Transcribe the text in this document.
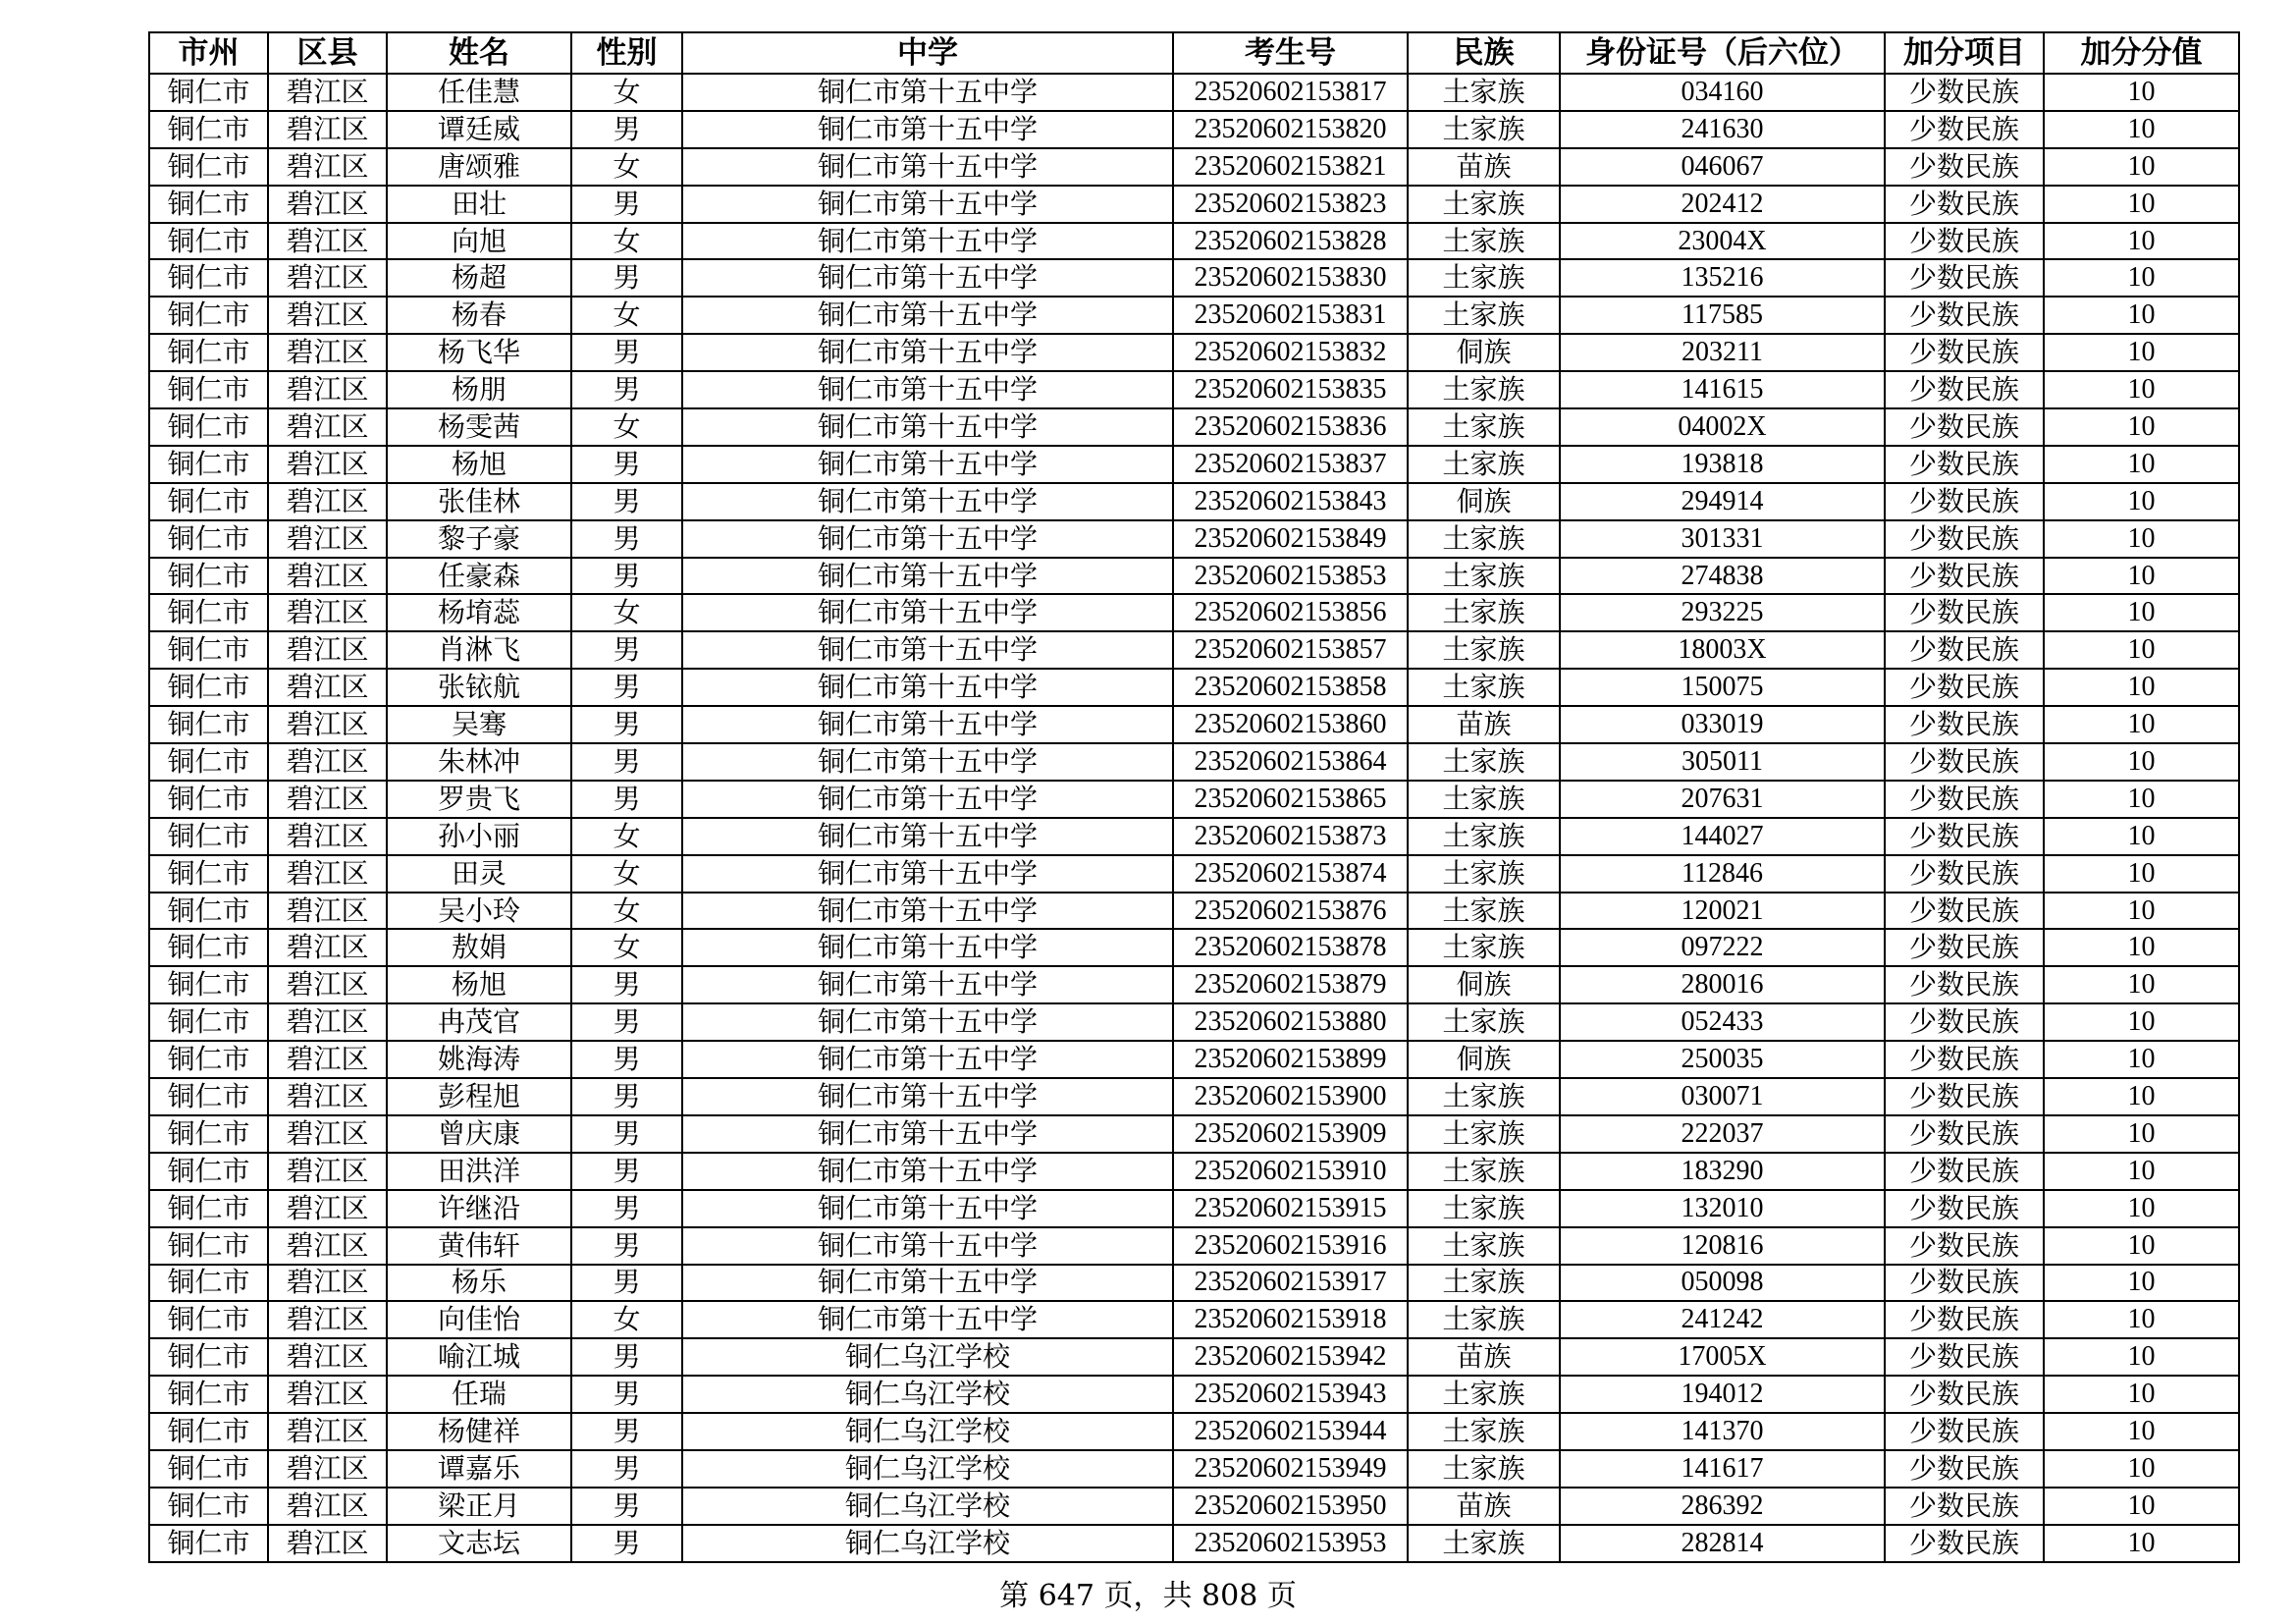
市州	区县	姓名	性别	中学	考生号	民族	身份证号（后六位）	加分项目	加分分值
铜仁市	碧江区	任佳慧	女	铜仁市第十五中学	23520602153817	土家族	034160	少数民族	10
铜仁市	碧江区	谭廷威	男	铜仁市第十五中学	23520602153820	土家族	241630	少数民族	10
铜仁市	碧江区	唐颂雅	女	铜仁市第十五中学	23520602153821	苗族	046067	少数民族	10
铜仁市	碧江区	田壮	男	铜仁市第十五中学	23520602153823	土家族	202412	少数民族	10
铜仁市	碧江区	向旭	女	铜仁市第十五中学	23520602153828	土家族	23004X	少数民族	10
铜仁市	碧江区	杨超	男	铜仁市第十五中学	23520602153830	土家族	135216	少数民族	10
铜仁市	碧江区	杨春	女	铜仁市第十五中学	23520602153831	土家族	117585	少数民族	10
铜仁市	碧江区	杨飞华	男	铜仁市第十五中学	23520602153832	侗族	203211	少数民族	10
铜仁市	碧江区	杨朋	男	铜仁市第十五中学	23520602153835	土家族	141615	少数民族	10
铜仁市	碧江区	杨雯茜	女	铜仁市第十五中学	23520602153836	土家族	04002X	少数民族	10
铜仁市	碧江区	杨旭	男	铜仁市第十五中学	23520602153837	土家族	193818	少数民族	10
铜仁市	碧江区	张佳林	男	铜仁市第十五中学	23520602153843	侗族	294914	少数民族	10
铜仁市	碧江区	黎子豪	男	铜仁市第十五中学	23520602153849	土家族	301331	少数民族	10
铜仁市	碧江区	任豪森	男	铜仁市第十五中学	23520602153853	土家族	274838	少数民族	10
铜仁市	碧江区	杨堉蕊	女	铜仁市第十五中学	23520602153856	土家族	293225	少数民族	10
铜仁市	碧江区	肖淋飞	男	铜仁市第十五中学	23520602153857	土家族	18003X	少数民族	10
铜仁市	碧江区	张铱航	男	铜仁市第十五中学	23520602153858	土家族	150075	少数民族	10
铜仁市	碧江区	吴骞	男	铜仁市第十五中学	23520602153860	苗族	033019	少数民族	10
铜仁市	碧江区	朱林冲	男	铜仁市第十五中学	23520602153864	土家族	305011	少数民族	10
铜仁市	碧江区	罗贵飞	男	铜仁市第十五中学	23520602153865	土家族	207631	少数民族	10
铜仁市	碧江区	孙小丽	女	铜仁市第十五中学	23520602153873	土家族	144027	少数民族	10
铜仁市	碧江区	田灵	女	铜仁市第十五中学	23520602153874	土家族	112846	少数民族	10
铜仁市	碧江区	吴小玲	女	铜仁市第十五中学	23520602153876	土家族	120021	少数民族	10
铜仁市	碧江区	敖娟	女	铜仁市第十五中学	23520602153878	土家族	097222	少数民族	10
铜仁市	碧江区	杨旭	男	铜仁市第十五中学	23520602153879	侗族	280016	少数民族	10
铜仁市	碧江区	冉茂官	男	铜仁市第十五中学	23520602153880	土家族	052433	少数民族	10
铜仁市	碧江区	姚海涛	男	铜仁市第十五中学	23520602153899	侗族	250035	少数民族	10
铜仁市	碧江区	彭程旭	男	铜仁市第十五中学	23520602153900	土家族	030071	少数民族	10
铜仁市	碧江区	曾庆康	男	铜仁市第十五中学	23520602153909	土家族	222037	少数民族	10
铜仁市	碧江区	田洪洋	男	铜仁市第十五中学	23520602153910	土家族	183290	少数民族	10
铜仁市	碧江区	许继沿	男	铜仁市第十五中学	23520602153915	土家族	132010	少数民族	10
铜仁市	碧江区	黄伟轩	男	铜仁市第十五中学	23520602153916	土家族	120816	少数民族	10
铜仁市	碧江区	杨乐	男	铜仁市第十五中学	23520602153917	土家族	050098	少数民族	10
铜仁市	碧江区	向佳怡	女	铜仁市第十五中学	23520602153918	土家族	241242	少数民族	10
铜仁市	碧江区	喻江城	男	铜仁乌江学校	23520602153942	苗族	17005X	少数民族	10
铜仁市	碧江区	任瑞	男	铜仁乌江学校	23520602153943	土家族	194012	少数民族	10
铜仁市	碧江区	杨健祥	男	铜仁乌江学校	23520602153944	土家族	141370	少数民族	10
铜仁市	碧江区	谭嘉乐	男	铜仁乌江学校	23520602153949	土家族	141617	少数民族	10
铜仁市	碧江区	梁正月	男	铜仁乌江学校	23520602153950	苗族	286392	少数民族	10
铜仁市	碧江区	文志坛	男	铜仁乌江学校	23520602153953	土家族	282814	少数民族	10
第 647 页，共 808 页
